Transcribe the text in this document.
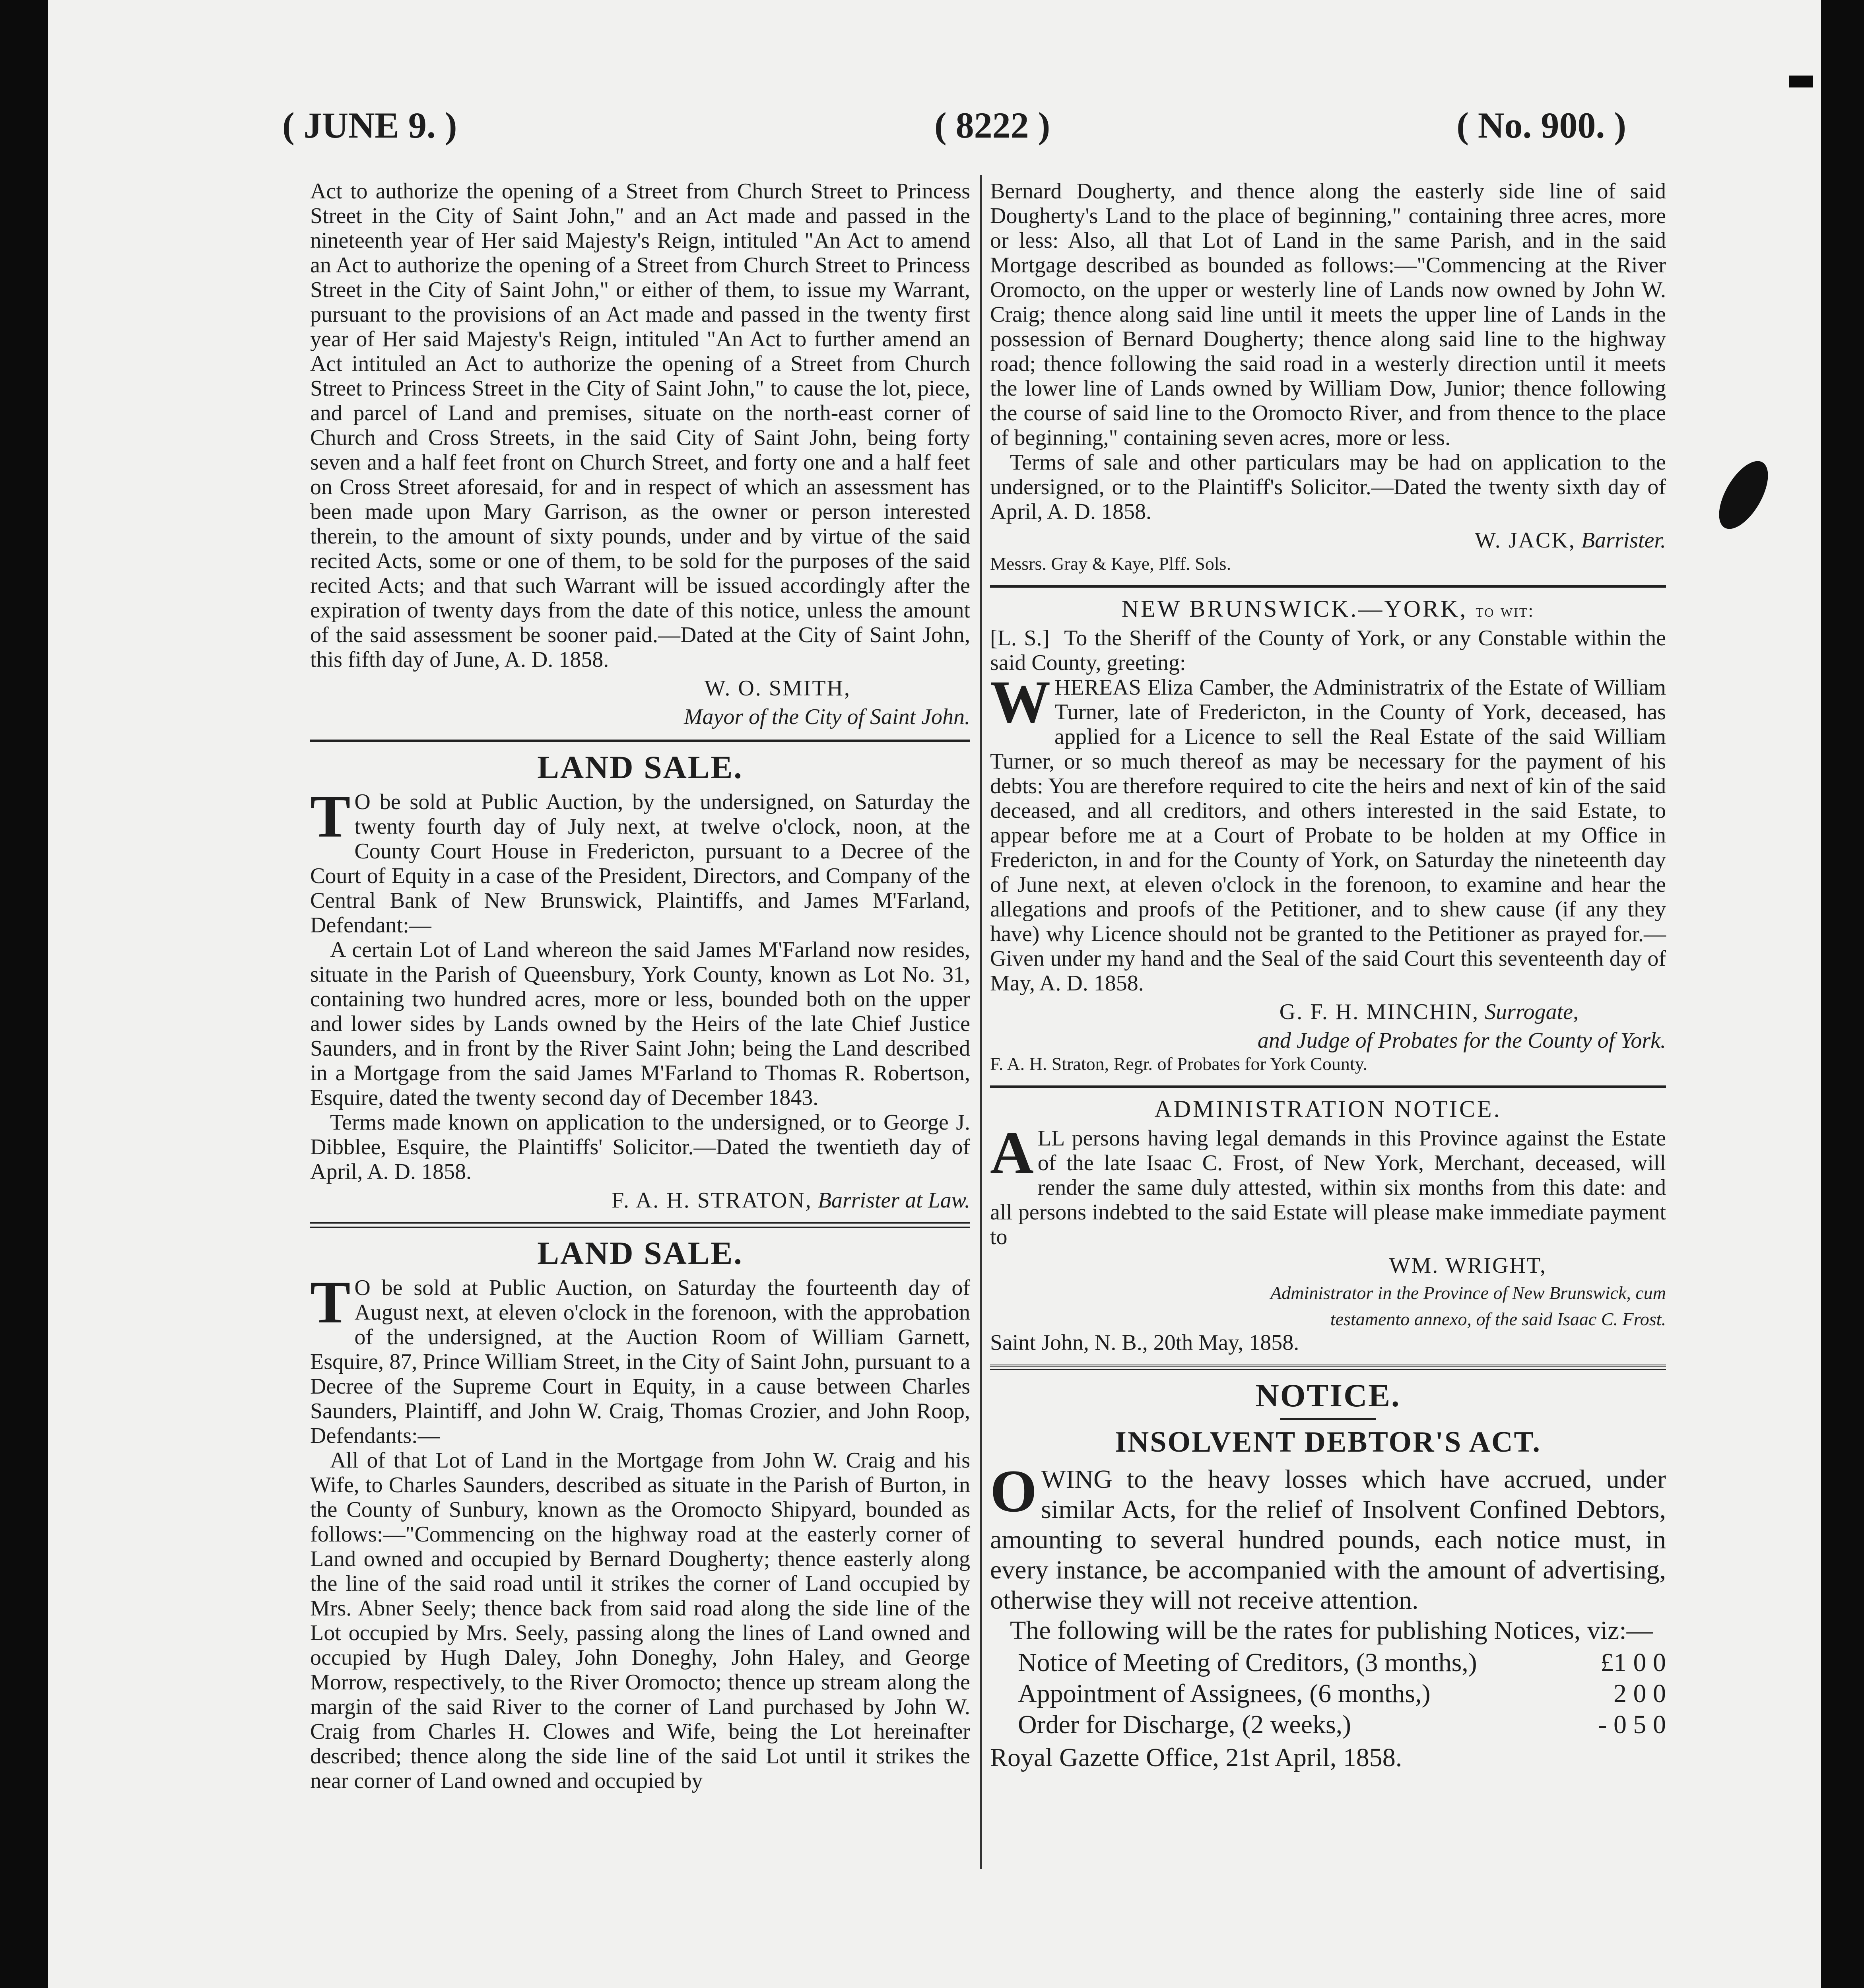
( JUNE 9. )	( 8222 )	( No. 900. )

Act to authorize the opening of a Street from Church Street to Princess Street in the City of Saint John," and an Act made and passed in the nineteenth year of Her said Majesty's Reign, intituled "An Act to amend an Act to authorize the opening of a Street from Church Street to Princess Street in the City of Saint John," or either of them, to issue my Warrant, pursuant to the provisions of an Act made and passed in the twenty first year of Her said Majesty's Reign, intituled "An Act to further amend an Act intituled an Act to authorize the opening of a Street from Church Street to Princess Street in the City of Saint John," to cause the lot, piece, and parcel of Land and premises, situate on the north-east corner of Church and Cross Streets, in the said City of Saint John, being forty seven and a half feet front on Church Street, and forty one and a half feet on Cross Street aforesaid, for and in respect of which an assessment has been made upon Mary Garrison, as the owner or person interested therein, to the amount of sixty pounds, under and by virtue of the said recited Acts, some or one of them, to be sold for the purposes of the said recited Acts; and that such Warrant will be issued accordingly after the expiration of twenty days from the date of this notice, unless the amount of the said assessment be sooner paid.—Dated at the City of Saint John, this fifth day of June, A. D. 1858.

W. O. SMITH,

Mayor of the City of Saint John.

LAND SALE.

T O be sold at Public Auction, by the undersigned, on Saturday the twenty fourth day of July next, at twelve o'clock, noon, at the County Court House in Fredericton, pursuant to a Decree of the Court of Equity in a case of the President, Directors, and Company of the Central Bank of New Brunswick, Plaintiffs, and James M'Farland, Defendant:—

A certain Lot of Land whereon the said James M'Farland now resides, situate in the Parish of Queensbury, York County, known as Lot No. 31, containing two hundred acres, more or less, bounded both on the upper and lower sides by Lands owned by the Heirs of the late Chief Justice Saunders, and in front by the River Saint John; being the Land described in a Mortgage from the said James M'Farland to Thomas R. Robertson, Esquire, dated the twenty second day of December 1843.

Terms made known on application to the undersigned, or to George J. Dibblee, Esquire, the Plaintiffs' Solicitor.—Dated the twentieth day of April, A. D. 1858.

F. A. H. STRATON, Barrister at Law.

LAND SALE.

T O be sold at Public Auction, on Saturday the fourteenth day of August next, at eleven o'clock in the forenoon, with the approbation of the undersigned, at the Auction Room of William Garnett, Esquire, 87, Prince William Street, in the City of Saint John, pursuant to a Decree of the Supreme Court in Equity, in a cause between Charles Saunders, Plaintiff, and John W. Craig, Thomas Crozier, and John Roop, Defendants:—

All of that Lot of Land in the Mortgage from John W. Craig and his Wife, to Charles Saunders, described as situate in the Parish of Burton, in the County of Sunbury, known as the Oromocto Shipyard, bounded as follows:—"Commencing on the highway road at the easterly corner of Land owned and occupied by Bernard Dougherty; thence easterly along the line of the said road until it strikes the corner of Land occupied by Mrs. Abner Seely; thence back from said road along the side line of the Lot occupied by Mrs. Seely, passing along the lines of Land owned and occupied by Hugh Daley, John Doneghy, John Haley, and George Morrow, respectively, to the River Oromocto; thence up stream along the margin of the said River to the corner of Land purchased by John W. Craig from Charles H. Clowes and Wife, being the Lot hereinafter described; thence along the side line of the said Lot until it strikes the near corner of Land owned and occupied by

Bernard Dougherty, and thence along the easterly side line of said Dougherty's Land to the place of beginning," containing three acres, more or less: Also, all that Lot of Land in the same Parish, and in the said Mortgage described as bounded as follows:—"Commencing at the River Oromocto, on the upper or westerly line of Lands now owned by John W. Craig; thence along said line until it meets the upper line of Lands in the possession of Bernard Dougherty; thence along said line to the highway road; thence following the said road in a westerly direction until it meets the lower line of Lands owned by William Dow, Junior; thence following the course of said line to the Oromocto River, and from thence to the place of beginning," containing seven acres, more or less.

Terms of sale and other particulars may be had on application to the undersigned, or to the Plaintiff's Solicitor.—Dated the twenty sixth day of April, A. D. 1858.

W. JACK, Barrister.

Messrs. Gray & Kaye, Plff. Sols.

NEW BRUNSWICK.—YORK, to wit:

[L. S.] To the Sheriff of the County of York, or any Constable within the said County, greeting:

WHEREAS Eliza Camber, the Administratrix of the Estate of William Turner, late of Fredericton, in the County of York, deceased, has applied for a Licence to sell the Real Estate of the said William Turner, or so much thereof as may be necessary for the payment of his debts: You are therefore required to cite the heirs and next of kin of the said deceased, and all creditors, and others interested in the said Estate, to appear before me at a Court of Probate to be holden at my Office in Fredericton, in and for the County of York, on Saturday the nineteenth day of June next, at eleven o'clock in the forenoon, to examine and hear the allegations and proofs of the Petitioner, and to shew cause (if any they have) why Licence should not be granted to the Petitioner as prayed for.—Given under my hand and the Seal of the said Court this seventeenth day of May, A. D. 1858.

G. F. H. MINCHIN, Surrogate,

and Judge of Probates for the County of York.

F. A. H. Straton, Regr. of Probates for York County.

ADMINISTRATION NOTICE.

ALL persons having legal demands in this Province against the Estate of the late Isaac C. Frost, of New York, Merchant, deceased, will render the same duly attested, within six months from this date: and all persons indebted to the said Estate will please make immediate payment to

WM. WRIGHT,

Administrator in the Province of New Brunswick, cum

testamento annexo, of the said Isaac C. Frost.

Saint John, N. B., 20th May, 1858.

NOTICE.
INSOLVENT DEBTOR'S ACT.

OWING to the heavy losses which have accrued, under similar Acts, for the relief of Insolvent Confined Debtors, amounting to several hundred pounds, each notice must, in every instance, be accompanied with the amount of advertising, otherwise they will not receive attention.

The following will be the rates for publishing Notices, viz:—

Notice of Meeting of Creditors, (3 months,)	£1 0 0
Appointment of Assignees, (6 months,)	2 0 0
Order for Discharge, (2 weeks,)	- 0 5 0

Royal Gazette Office, 21st April, 1858.
